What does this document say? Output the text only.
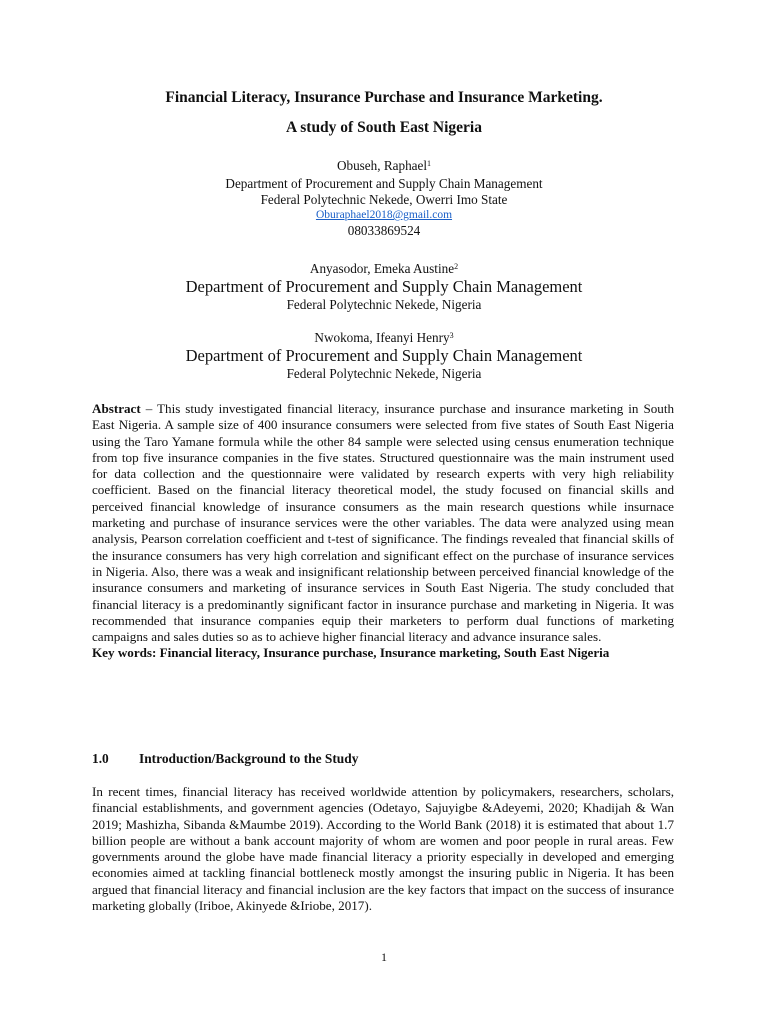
Financial Literacy, Insurance Purchase and Insurance Marketing.
A study of South East Nigeria
Obuseh, Raphael$^1$
Department of Procurement and Supply Chain Management
Federal Polytechnic Nekede, Owerri Imo State
Oburaphael2018@gmail.com
08033869524
Anyasodor, Emeka Austine$^2$
Department of Procurement and Supply Chain Management
Federal Polytechnic Nekede, Nigeria
Nwokoma, Ifeanyi Henry$^3$
Department of Procurement and Supply Chain Management
Federal Polytechnic Nekede, Nigeria

Abstract – This study investigated financial literacy, insurance purchase and insurance marketing in South East Nigeria. A sample size of 400 insurance consumers were selected from five states of South East Nigeria using the Taro Yamane formula while the other 84 sample were selected using census enumeration technique from top five insurance companies in the five states. Structured questionnaire was the main instrument used for data collection and the questionnaire were validated by research experts with very high reliability coefficient. Based on the financial literacy theoretical model, the study focused on financial skills and perceived financial knowledge of insurance consumers as the main research questions while insurnace marketing and purchase of insurance services were the other variables. The data were analyzed using mean analysis, Pearson correlation coefficient and t-test of significance. The findings revealed that financial skills of the insurance consumers has very high correlation and significant effect on the purchase of insurance services in Nigeria. Also, there was a weak and insignificant relationship between perceived financial knowledge of the insurance consumers and marketing of insurance services in South East Nigeria. The study concluded that financial literacy is a predominantly significant factor in insurance purchase and marketing in Nigeria. It was recommended that insurance companies equip their marketers to perform dual functions of marketing campaigns and sales duties so as to achieve higher financial literacy and advance insurance sales.

Key words: Financial literacy, Insurance purchase, Insurance marketing, South East Nigeria

1.0 Introduction/Background to the Study

In recent times, financial literacy has received worldwide attention by policymakers, researchers, scholars, financial establishments, and government agencies (Odetayo, Sajuyigbe &Adeyemi, 2020; Khadijah & Wan 2019; Mashizha, Sibanda &Maumbe 2019). According to the World Bank (2018) it is estimated that about 1.7 billion people are without a bank account majority of whom are women and poor people in rural areas. Few governments around the globe have made financial literacy a priority especially in developed and emerging economies aimed at tackling financial bottleneck mostly amongst the insuring public in Nigeria. It has been argued that financial literacy and financial inclusion are the key factors that impact on the success of insurance marketing globally (Iriboe, Akinyede &Iriobe, 2017).

1
